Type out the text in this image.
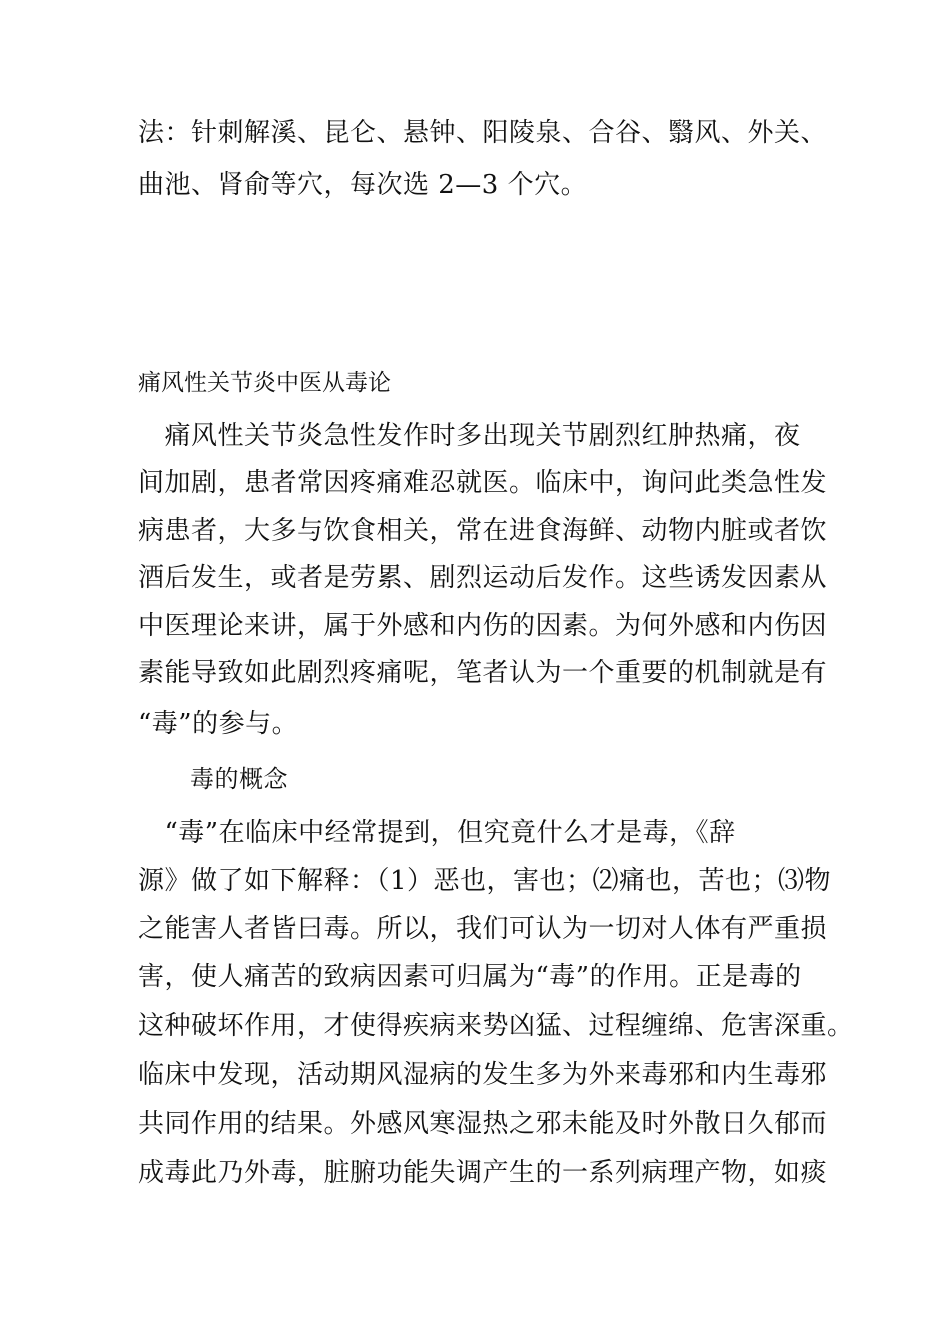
法：针刺解溪、昆仑、悬钟、阳陵泉、合谷、翳风、外关、
曲池、肾俞等穴，每次选 2—3 个穴。
痛风性关节炎中医从毒论
　痛风性关节炎急性发作时多出现关节剧烈红肿热痛，夜
间加剧，患者常因疼痛难忍就医。临床中，询问此类急性发
病患者，大多与饮食相关，常在进食海鲜、动物内脏或者饮
酒后发生，或者是劳累、剧烈运动后发作。这些诱发因素从
中医理论来讲，属于外感和内伤的因素。为何外感和内伤因
素能导致如此剧烈疼痛呢，笔者认为一个重要的机制就是有
“毒”的参与。
毒的概念
　“毒”在临床中经常提到，但究竟什么才是毒，《辞
源》做了如下解释：（1）恶也，害也；⑵痛也，苦也；⑶物
之能害人者皆曰毒。所以，我们可认为一切对人体有严重损
害，使人痛苦的致病因素可归属为“毒”的作用。正是毒的
这种破坏作用，才使得疾病来势凶猛、过程缠绵、危害深重。
临床中发现，活动期风湿病的发生多为外来毒邪和内生毒邪
共同作用的结果。外感风寒湿热之邪未能及时外散日久郁而
成毒此乃外毒，脏腑功能失调产生的一系列病理产物，如痰
